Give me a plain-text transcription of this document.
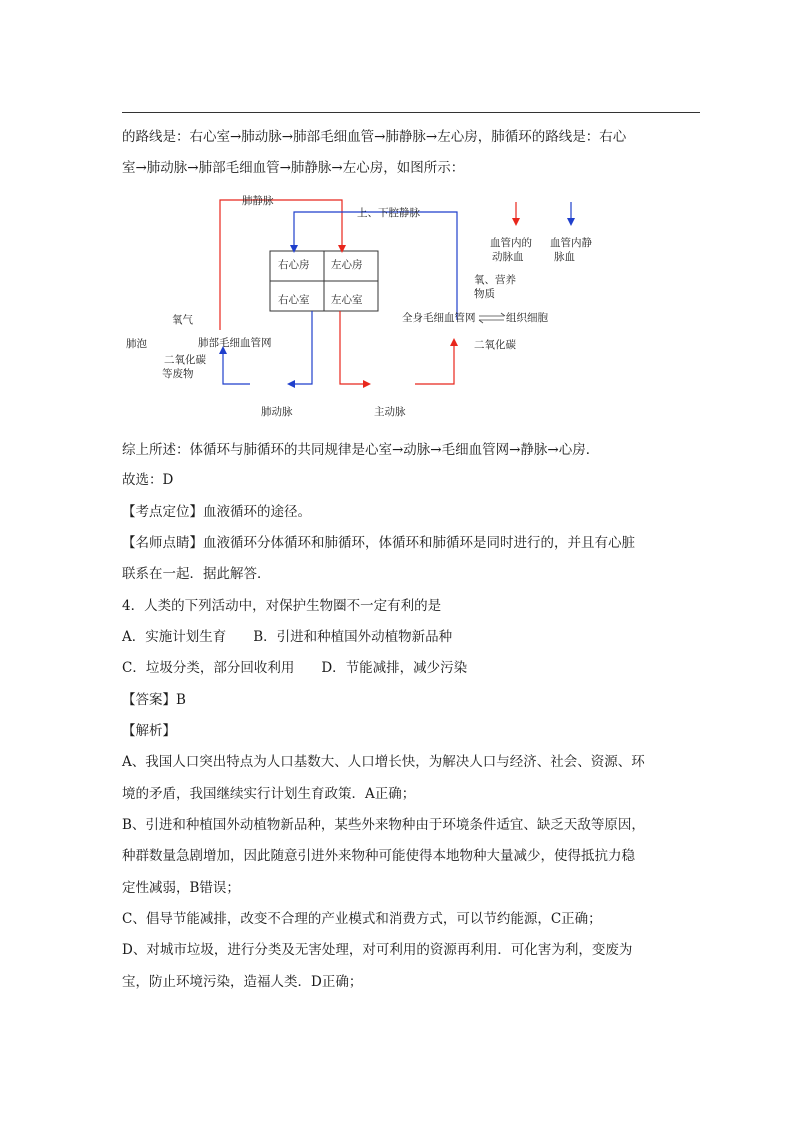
的路线是：右心室→肺动脉→肺部毛细血管→肺静脉→左心房，肺循环的路线是：右心
室→肺动脉→肺部毛细血管→肺静脉→左心房，如图所示：
右心房 左心房
右心室 左心室
肺静脉
上、下腔静脉
肺动脉	主动脉
氧气
肺泡	肺部毛细血管网
二氧化碳
等废物
氧、营养
物质
全身毛细血管网	组织细胞
二氧化碳
血管内的
动脉血
血管内静
脉血
综上所述：体循环与肺循环的共同规律是心室→动脉→毛细血管网→静脉→心房．
故选：D
【考点定位】血液循环的途径。
【名师点睛】血液循环分体循环和肺循环，体循环和肺循环是同时进行的，并且有心脏
联系在一起．据此解答．
4．人类的下列活动中，对保护生物圈不一定有利的是
A．实施计划生育　　B．引进和种植国外动植物新品种
C．垃圾分类，部分回收利用　　D．节能减排，减少污染
【答案】B
【解析】
A、我国人口突出特点为人口基数大、人口增长快，为解决人口与经济、社会、资源、环
境的矛盾，我国继续实行计划生育政策．A正确；
B、引进和种植国外动植物新品种，某些外来物种由于环境条件适宜、缺乏天敌等原因，
种群数量急剧增加，因此随意引进外来物种可能使得本地物种大量减少，使得抵抗力稳
定性减弱，B错误；
C、倡导节能减排，改变不合理的产业模式和消费方式，可以节约能源，C正确；
D、对城市垃圾，进行分类及无害处理，对可利用的资源再利用．可化害为利，变废为
宝，防止环境污染，造福人类．D正确；
